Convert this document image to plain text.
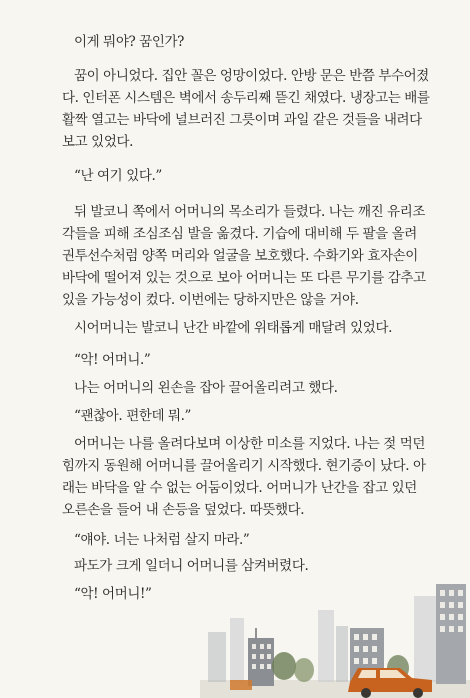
이게 뭐야? 꿈인가?
꿈이 아니었다. 집안 꼴은 엉망이었다. 안방 문은 반쯤 부수어졌
다. 인터폰 시스템은 벽에서 송두리째 뜯긴 채였다. 냉장고는 배를
활짝 열고는 바닥에 널브러진 그릇이며 과일 같은 것들을 내려다
보고 있었다.
“난 여기 있다.”
뒤 발코니 쪽에서 어머니의 목소리가 들렸다. 나는 깨진 유리조
각들을 피해 조심조심 발을 옮겼다. 기습에 대비해 두 팔을 올려
권투선수처럼 양쪽 머리와 얼굴을 보호했다. 수화기와 효자손이
바닥에 떨어져 있는 것으로 보아 어머니는 또 다른 무기를 감추고
있을 가능성이 컸다. 이번에는 당하지만은 않을 거야.
시어머니는 발코니 난간 바깥에 위태롭게 매달려 있었다.
“악! 어머니.”
나는 어머니의 왼손을 잡아 끌어올리려고 했다.
“괜찮아. 편한데 뭐.”
어머니는 나를 올려다보며 이상한 미소를 지었다. 나는 젖 먹던
힘까지 동원해 어머니를 끌어올리기 시작했다. 현기증이 났다. 아
래는 바닥을 알 수 없는 어둠이었다. 어머니가 난간을 잡고 있던
오른손을 들어 내 손등을 덮었다. 따뜻했다.
“얘야. 너는 나처럼 살지 마라.”
파도가 크게 일더니 어머니를 삼켜버렸다.
“악! 어머니!”
